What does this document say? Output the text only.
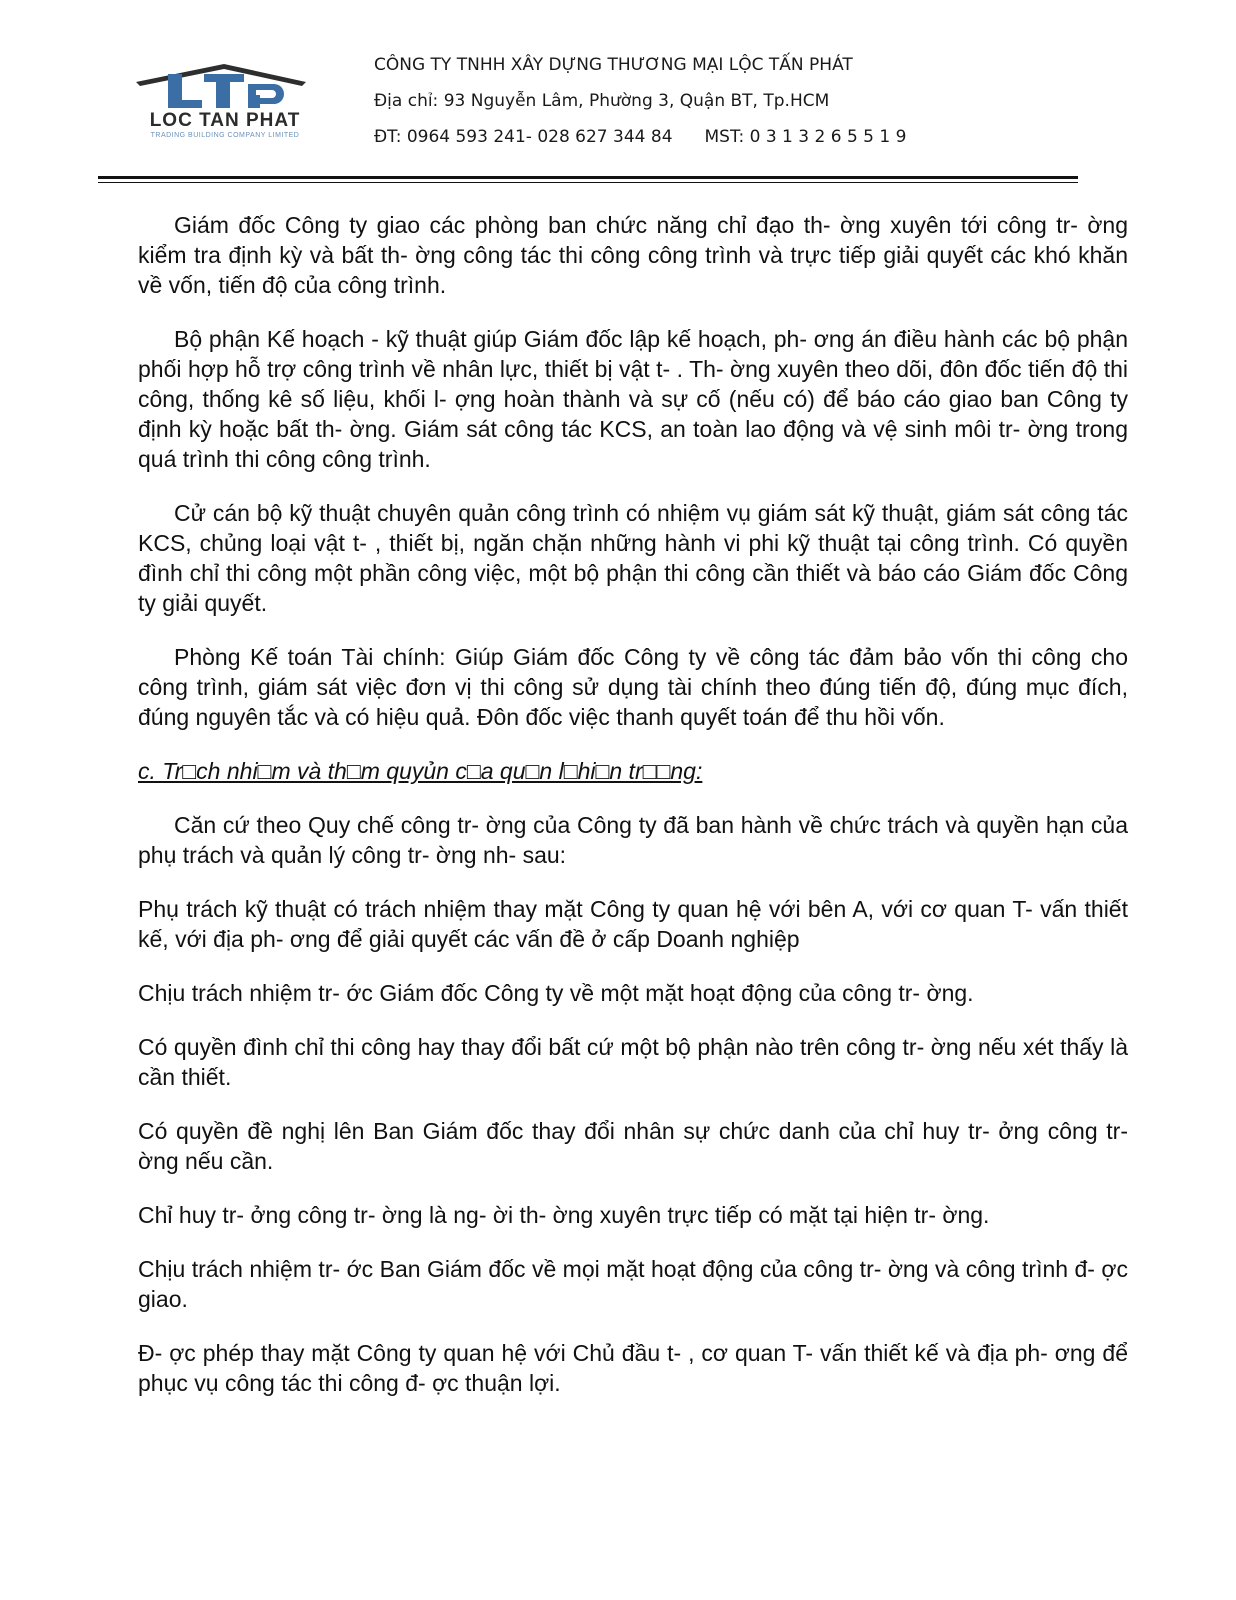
LOC TAN PHAT
TRADING BUILDING COMPANY LIMITED
CÔNG TY TNHH XÂY DỰNG THƯƠNG MẠI LỘC TẤN PHÁT
Địa chỉ: 93 Nguyễn Lâm, Phường 3, Quận BT, Tp.HCM
ĐT: 0964 593 241- 028 627 344 84 MST: 0 3 1 3 2 6 5 5 1 9

Giám đốc Công ty giao các phòng ban chức năng chỉ đạo th- ờng xuyên tới công tr- ờng kiểm tra định kỳ và bất th- ờng công tác thi công công trình và trực tiếp giải quyết các khó khăn về vốn, tiến độ của công trình.

Bộ phận Kế hoạch - kỹ thuật giúp Giám đốc lập kế hoạch, ph- ơng án điều hành các bộ phận phối hợp hỗ trợ công trình về nhân lực, thiết bị vật t- . Th- ờng xuyên theo dõi, đôn đốc tiến độ thi công, thống kê số liệu, khối l- ợng hoàn thành và sự cố (nếu có) để báo cáo giao ban Công ty định kỳ hoặc bất th- ờng. Giám sát công tác KCS, an toàn lao động và vệ sinh môi tr- ờng trong quá trình thi công công trình.

Cử cán bộ kỹ thuật chuyên quản công trình có nhiệm vụ giám sát kỹ thuật, giám sát công tác KCS, chủng loại vật t- , thiết bị, ngăn chặn những hành vi phi kỹ thuật tại công trình. Có quyền đình chỉ thi công một phần công việc, một bộ phận thi công cần thiết và báo cáo Giám đốc Công ty giải quyết.

Phòng Kế toán Tài chính: Giúp Giám đốc Công ty về công tác đảm bảo vốn thi công cho công trình, giám sát việc đơn vị thi công sử dụng tài chính theo đúng tiến độ, đúng mục đích, đúng nguyên tắc và có hiệu quả. Đôn đốc việc thanh quyết toán để thu hồi vốn.

c. Tr□ch nhi□m và th□m quyủn c□a qu□n l□hi□n tr□□ng:

Căn cứ theo Quy chế công tr- ờng của Công ty đã ban hành về chức trách và quyền hạn của phụ trách và quản lý công tr- ờng nh- sau:

Phụ trách kỹ thuật có trách nhiệm thay mặt Công ty quan hệ với bên A, với cơ quan T- vấn thiết kế, với địa ph- ơng để giải quyết các vấn đề ở cấp Doanh nghiệp

Chịu trách nhiệm tr- ớc Giám đốc Công ty về một mặt hoạt động của công tr- ờng.

Có quyền đình chỉ thi công hay thay đổi bất cứ một bộ phận nào trên công tr- ờng nếu xét thấy là cần thiết.

Có quyền đề nghị lên Ban Giám đốc thay đổi nhân sự chức danh của chỉ huy tr- ởng công tr- ờng nếu cần.

Chỉ huy tr- ởng công tr- ờng là ng- ời th- ờng xuyên trực tiếp có mặt tại hiện tr- ờng.

Chịu trách nhiệm tr- ớc Ban Giám đốc về mọi mặt hoạt động của công tr- ờng và công trình đ- ợc giao.

Đ- ợc phép thay mặt Công ty quan hệ với Chủ đầu t- , cơ quan T- vấn thiết kế và địa ph- ơng để phục vụ công tác thi công đ- ợc thuận lợi.
